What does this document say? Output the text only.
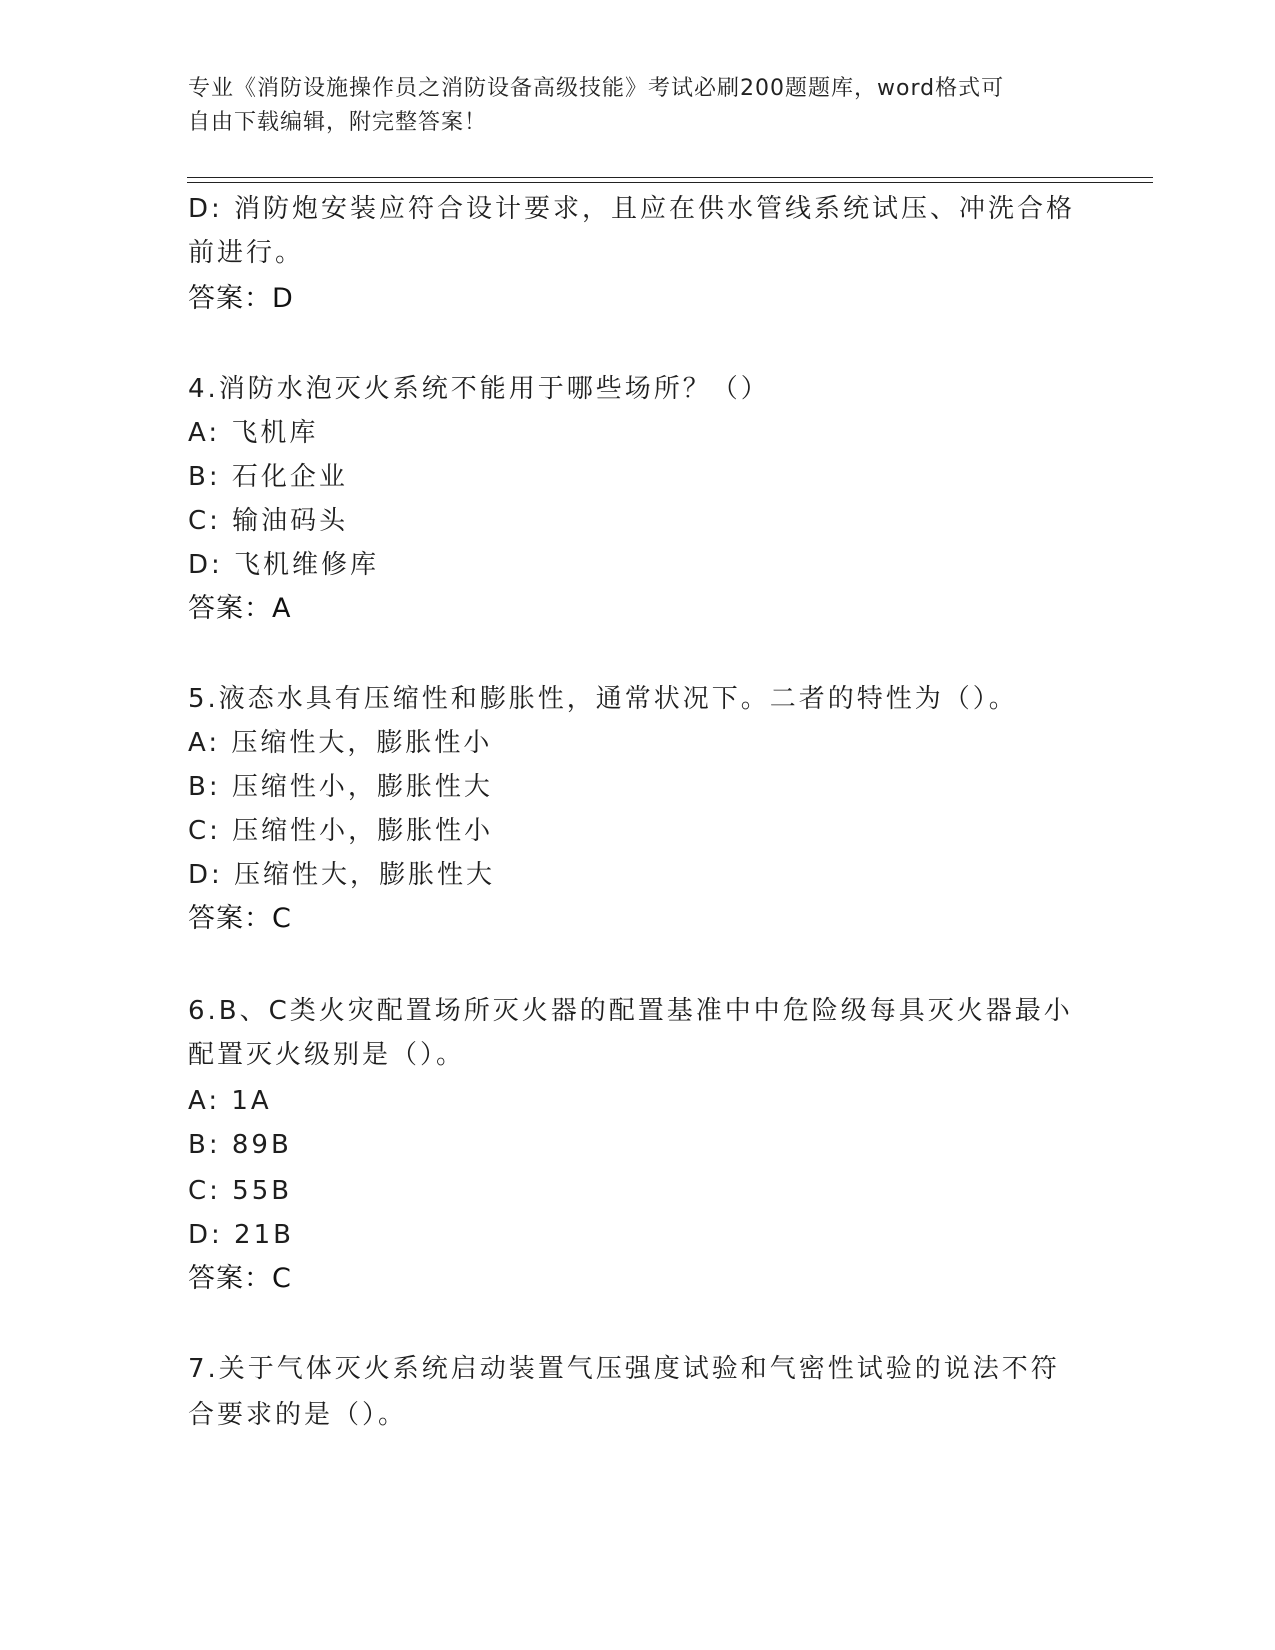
专业《消防设施操作员之消防设备高级技能》考试必刷200题题库，word格式可
自由下载编辑，附完整答案！
D: 消防炮安装应符合设计要求，且应在供水管线系统试压、冲洗合格
前进行。
答案：D
4.消防水泡灭火系统不能用于哪些场所？（）
A: 飞机库
B: 石化企业
C: 输油码头
D: 飞机维修库
答案：A
5.液态水具有压缩性和膨胀性，通常状况下。二者的特性为（）。
A: 压缩性大，膨胀性小
B: 压缩性小，膨胀性大
C: 压缩性小，膨胀性小
D: 压缩性大，膨胀性大
答案：C
6.B、C类火灾配置场所灭火器的配置基准中中危险级每具灭火器最小
配置灭火级别是（）。
A: 1A
B: 89B
C: 55B
D: 21B
答案：C
7.关于气体灭火系统启动装置气压强度试验和气密性试验的说法不符
合要求的是（）。
